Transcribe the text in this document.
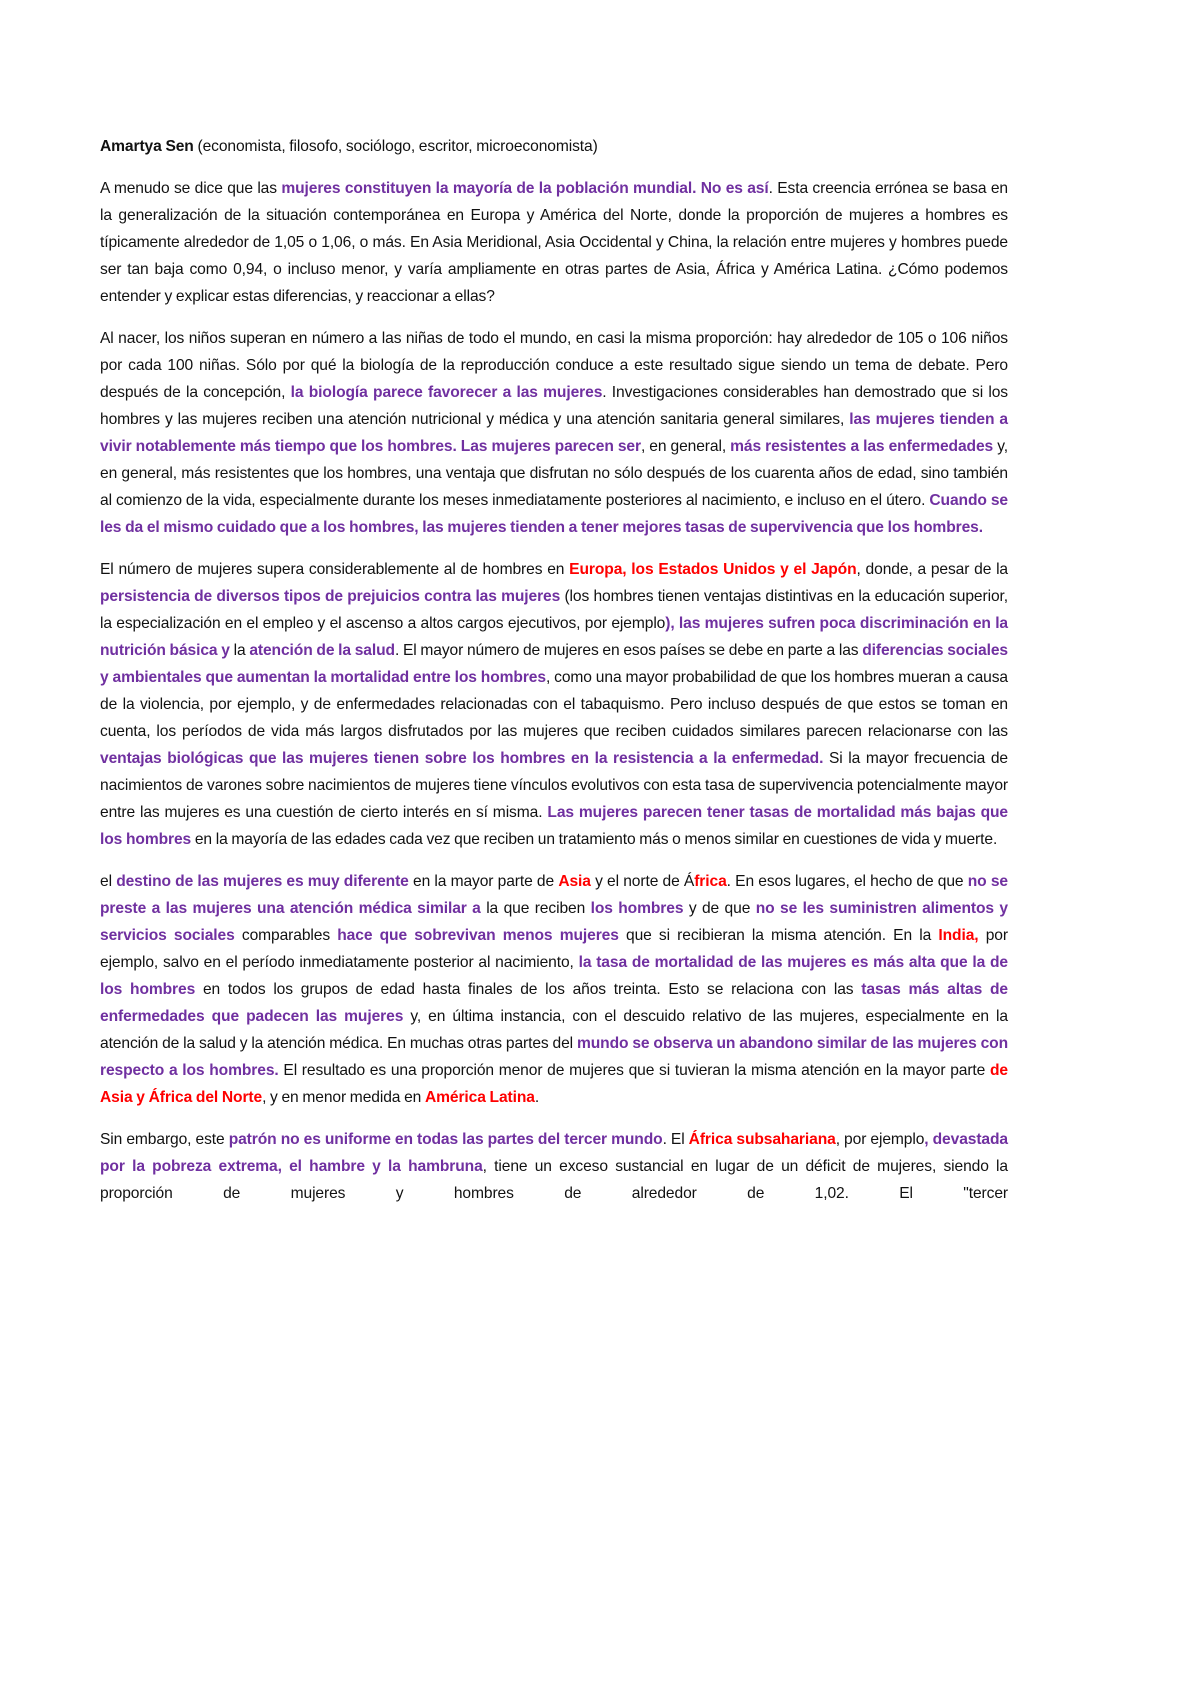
Amartya Sen (economista, filosofo, sociólogo, escritor, microeconomista)

A menudo se dice que las mujeres constituyen la mayoría de la población mundial. No es así. Esta creencia errónea se basa en la generalización de la situación contemporánea en Europa y América del Norte, donde la proporción de mujeres a hombres es típicamente alrededor de 1,05 o 1,06, o más. En Asia Meridional, Asia Occidental y China, la relación entre mujeres y hombres puede ser tan baja como 0,94, o incluso menor, y varía ampliamente en otras partes de Asia, África y América Latina. ¿Cómo podemos entender y explicar estas diferencias, y reaccionar a ellas?

Al nacer, los niños superan en número a las niñas de todo el mundo, en casi la misma proporción: hay alrededor de 105 o 106 niños por cada 100 niñas. Sólo por qué la biología de la reproducción conduce a este resultado sigue siendo un tema de debate. Pero después de la concepción, la biología parece favorecer a las mujeres. Investigaciones considerables han demostrado que si los hombres y las mujeres reciben una atención nutricional y médica y una atención sanitaria general similares, las mujeres tienden a vivir notablemente más tiempo que los hombres. Las mujeres parecen ser, en general, más resistentes a las enfermedades y, en general, más resistentes que los hombres, una ventaja que disfrutan no sólo después de los cuarenta años de edad, sino también al comienzo de la vida, especialmente durante los meses inmediatamente posteriores al nacimiento, e incluso en el útero. Cuando se les da el mismo cuidado que a los hombres, las mujeres tienden a tener mejores tasas de supervivencia que los hombres.

El número de mujeres supera considerablemente al de hombres en Europa, los Estados Unidos y el Japón, donde, a pesar de la persistencia de diversos tipos de prejuicios contra las mujeres (los hombres tienen ventajas distintivas en la educación superior, la especialización en el empleo y el ascenso a altos cargos ejecutivos, por ejemplo), las mujeres sufren poca discriminación en la nutrición básica y la atención de la salud. El mayor número de mujeres en esos países se debe en parte a las diferencias sociales y ambientales que aumentan la mortalidad entre los hombres, como una mayor probabilidad de que los hombres mueran a causa de la violencia, por ejemplo, y de enfermedades relacionadas con el tabaquismo. Pero incluso después de que estos se toman en cuenta, los períodos de vida más largos disfrutados por las mujeres que reciben cuidados similares parecen relacionarse con las ventajas biológicas que las mujeres tienen sobre los hombres en la resistencia a la enfermedad. Si la mayor frecuencia de nacimientos de varones sobre nacimientos de mujeres tiene vínculos evolutivos con esta tasa de supervivencia potencialmente mayor entre las mujeres es una cuestión de cierto interés en sí misma. Las mujeres parecen tener tasas de mortalidad más bajas que los hombres en la mayoría de las edades cada vez que reciben un tratamiento más o menos similar en cuestiones de vida y muerte.

el destino de las mujeres es muy diferente en la mayor parte de Asia y el norte de África. En esos lugares, el hecho de que no se preste a las mujeres una atención médica similar a la que reciben los hombres y de que no se les suministren alimentos y servicios sociales comparables hace que sobrevivan menos mujeres que si recibieran la misma atención. En la India, por ejemplo, salvo en el período inmediatamente posterior al nacimiento, la tasa de mortalidad de las mujeres es más alta que la de los hombres en todos los grupos de edad hasta finales de los años treinta. Esto se relaciona con las tasas más altas de enfermedades que padecen las mujeres y, en última instancia, con el descuido relativo de las mujeres, especialmente en la atención de la salud y la atención médica. En muchas otras partes del mundo se observa un abandono similar de las mujeres con respecto a los hombres. El resultado es una proporción menor de mujeres que si tuvieran la misma atención en la mayor parte de Asia y África del Norte, y en menor medida en América Latina.

Sin embargo, este patrón no es uniforme en todas las partes del tercer mundo. El África subsahariana, por ejemplo, devastada por la pobreza extrema, el hambre y la hambruna, tiene un exceso sustancial en lugar de un déficit de mujeres, siendo la proporción de mujeres y hombres de alrededor de 1,02. El "tercer
